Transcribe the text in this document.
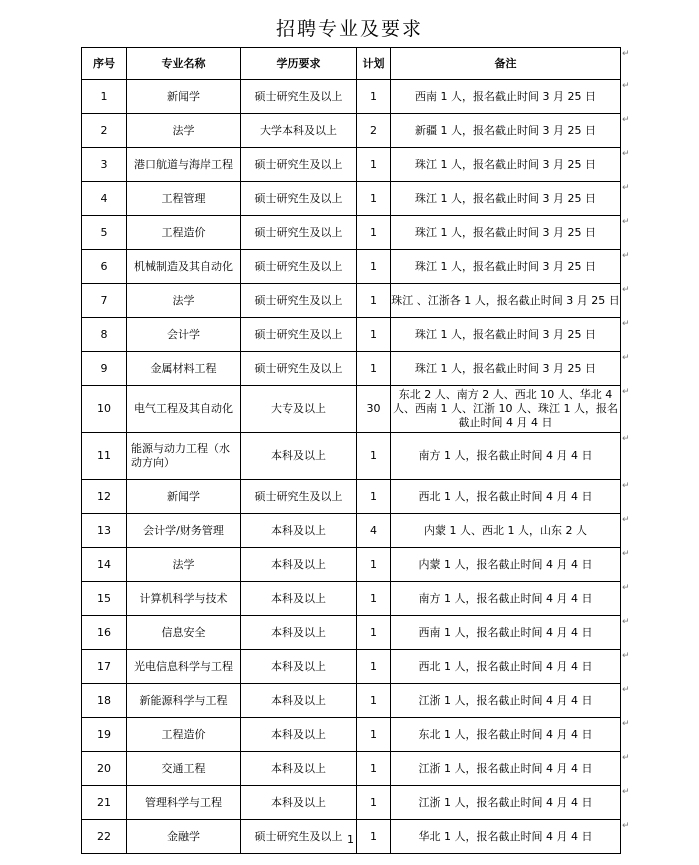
招聘专业及要求
序号	专业名称	学历要求	计划	备注
1	新闻学	硕士研究生及以上	1	西南 1 人，报名截止时间 3 月 25 日
2	法学	大学本科及以上	2	新疆 1 人，报名截止时间 3 月 25 日
3	港口航道与海岸工程	硕士研究生及以上	1	珠江 1 人，报名截止时间 3 月 25 日
4	工程管理	硕士研究生及以上	1	珠江 1 人，报名截止时间 3 月 25 日
5	工程造价	硕士研究生及以上	1	珠江 1 人，报名截止时间 3 月 25 日
6	机械制造及其自动化	硕士研究生及以上	1	珠江 1 人，报名截止时间 3 月 25 日
7	法学	硕士研究生及以上	1	珠江 、江浙各 1 人，报名截止时间 3 月 25 日
8	会计学	硕士研究生及以上	1	珠江 1 人，报名截止时间 3 月 25 日
9	金属材料工程	硕士研究生及以上	1	珠江 1 人，报名截止时间 3 月 25 日
10	电气工程及其自动化	大专及以上	30	东北 2 人、南方 2 人、西北 10 人、华北 4 人、西南 1 人、江浙 10 人、珠江 1 人，报名截止时间 4 月 4 日
11	能源与动力工程（水动方向）	本科及以上	1	南方 1 人，报名截止时间 4 月 4 日
12	新闻学	硕士研究生及以上	1	西北 1 人，报名截止时间 4 月 4 日
13	会计学/财务管理	本科及以上	4	内蒙 1 人、西北 1 人，山东 2 人
14	法学	本科及以上	1	内蒙 1 人，报名截止时间 4 月 4 日
15	计算机科学与技术	本科及以上	1	南方 1 人，报名截止时间 4 月 4 日
16	信息安全	本科及以上	1	西南 1 人，报名截止时间 4 月 4 日
17	光电信息科学与工程	本科及以上	1	西北 1 人，报名截止时间 4 月 4 日
18	新能源科学与工程	本科及以上	1	江浙 1 人，报名截止时间 4 月 4 日
19	工程造价	本科及以上	1	东北 1 人，报名截止时间 4 月 4 日
20	交通工程	本科及以上	1	江浙 1 人，报名截止时间 4 月 4 日
21	管理科学与工程	本科及以上	1	江浙 1 人，报名截止时间 4 月 4 日
22	金融学	硕士研究生及以上	1	华北 1 人，报名截止时间 4 月 4 日
1
↵
↵
↵
↵
↵
↵
↵
↵
↵
↵
↵
↵
↵
↵
↵
↵
↵
↵
↵
↵
↵
↵
↵
